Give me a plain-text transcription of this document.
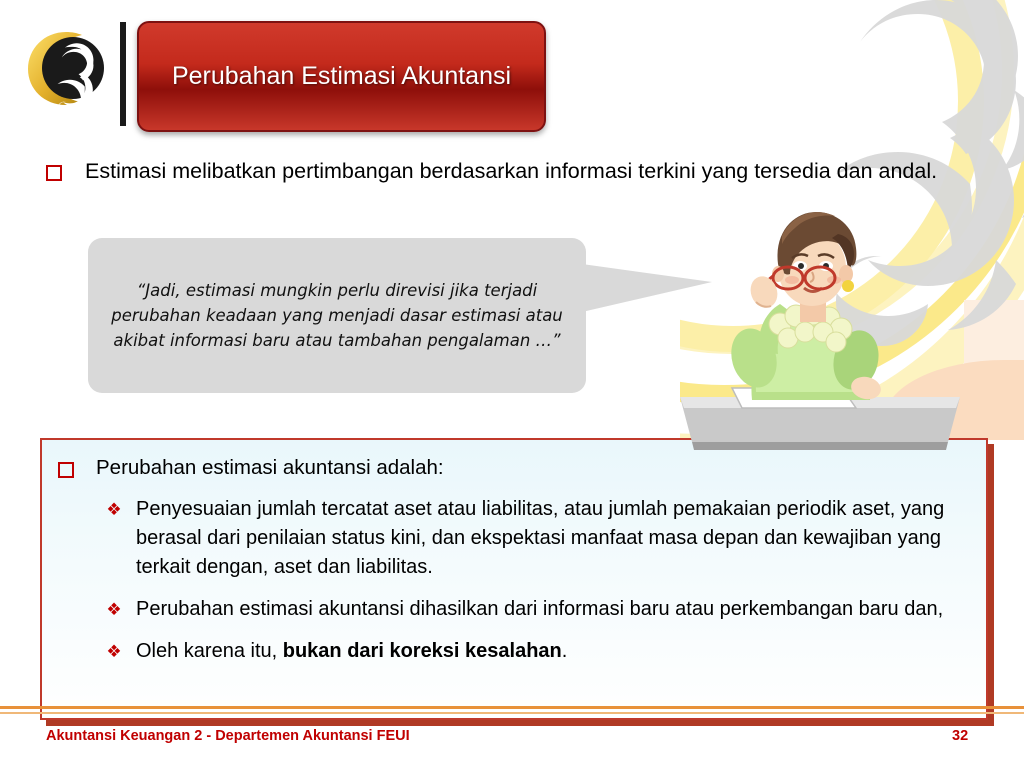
Perubahan Estimasi Akuntansi
Estimasi melibatkan pertimbangan berdasarkan informasi terkini yang tersedia dan andal.
“Jadi, estimasi mungkin perlu direvisi jika terjadi perubahan keadaan yang menjadi dasar estimasi atau akibat informasi baru atau tambahan pengalaman …”
Perubahan estimasi akuntansi adalah:
❖ Penyesuaian jumlah tercatat aset atau liabilitas, atau jumlah pemakaian periodik aset, yang berasal dari penilaian status kini, dan ekspektasi manfaat masa depan dan kewajiban yang terkait dengan, aset dan liabilitas.
❖ Perubahan estimasi akuntansi dihasilkan dari informasi baru atau perkembangan baru dan,
❖ Oleh karena itu, bukan dari koreksi kesalahan.
Akuntansi Keuangan 2 - Departemen Akuntansi FEUI	32
